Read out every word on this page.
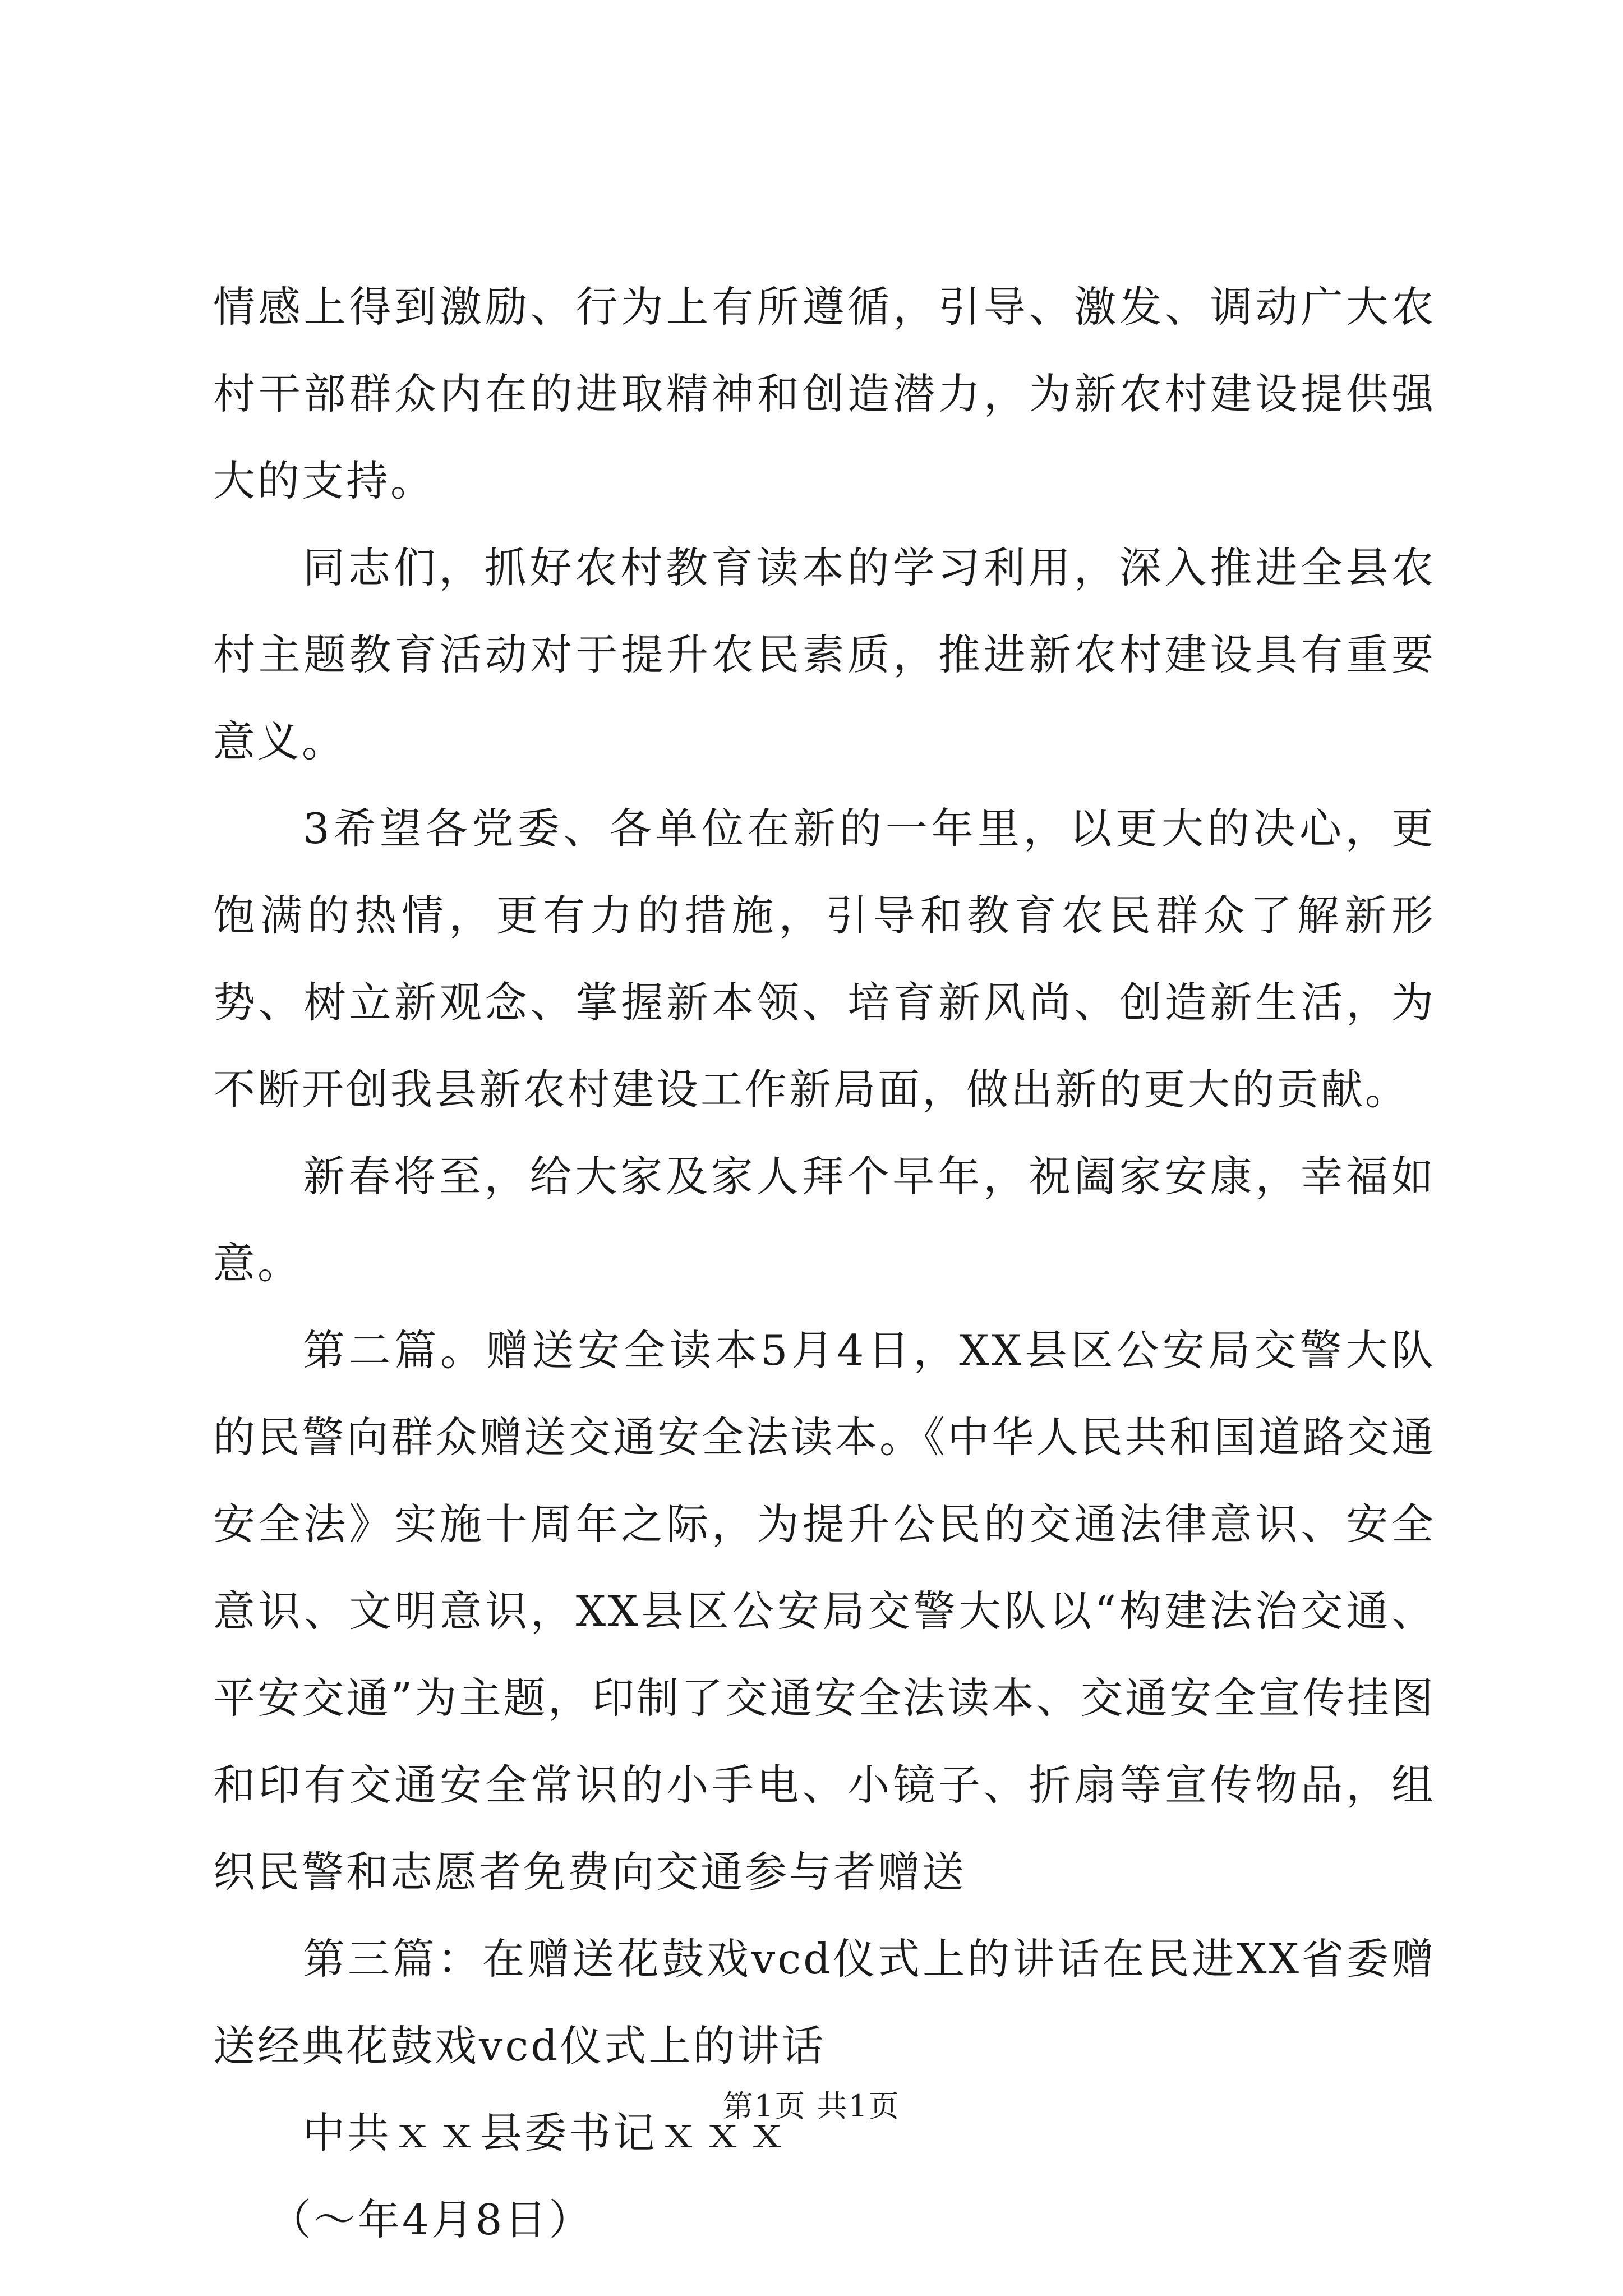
情感上得到激励、行为上有所遵循，引导、激发、调动广大农村干部群众内在的进取精神和创造潜力，为新农村建设提供强大的支持。

同志们，抓好农村教育读本的学习利用，深入推进全县农村主题教育活动对于提升农民素质，推进新农村建设具有重要意义。

3希望各党委、各单位在新的一年里，以更大的决心，更饱满的热情，更有力的措施，引导和教育农民群众了解新形势、树立新观念、掌握新本领、培育新风尚、创造新生活，为不断开创我县新农村建设工作新局面，做出新的更大的贡献。

新春将至，给大家及家人拜个早年，祝阖家安康，幸福如意。

第二篇。赠送安全读本5月4日，XX县区公安局交警大队的民警向群众赠送交通安全法读本。《中华人民共和国道路交通安全法》实施十周年之际，为提升公民的交通法律意识、安全意识、文明意识，XX县区公安局交警大队以“构建法治交通、平安交通”为主题，印制了交通安全法读本、交通安全宣传挂图和印有交通安全常识的小手电、小镜子、折扇等宣传物品，组织民警和志愿者免费向交通参与者赠送

第三篇：在赠送花鼓戏vcd仪式上的讲话在民进XX省委赠送经典花鼓戏vcd仪式上的讲话

中共ｘｘ县委书记ｘｘｘ

（～年4月8日）

第1页 共1页
